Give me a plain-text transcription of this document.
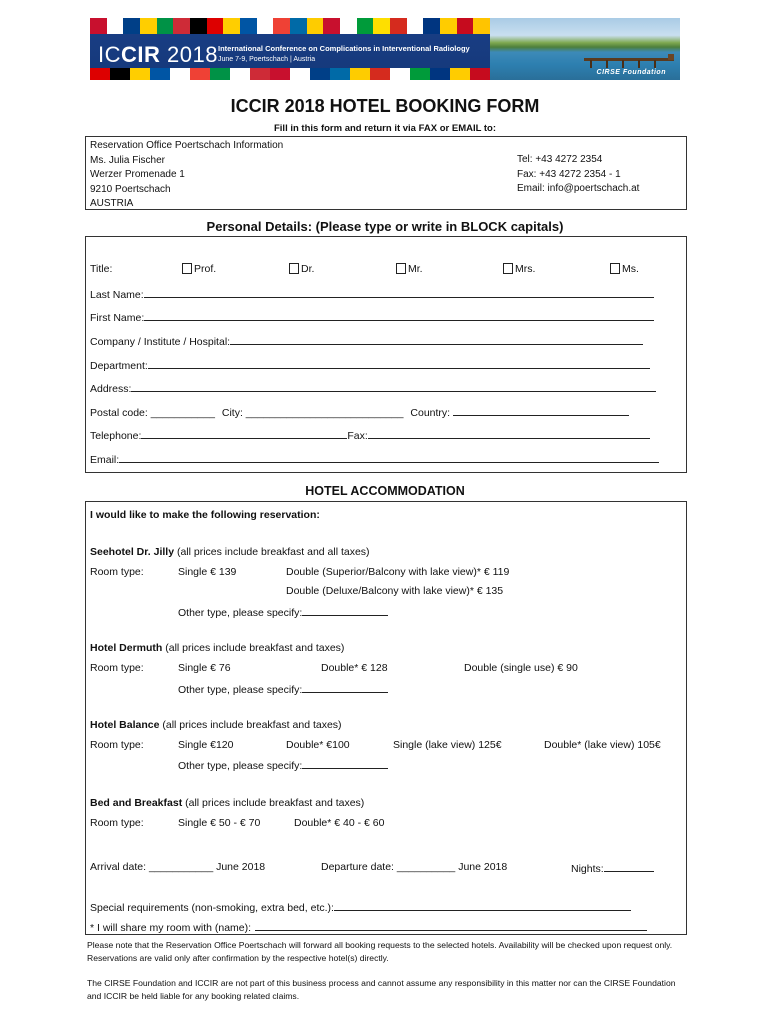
ICCIR 2018 International Conference on Complications in Interventional Radiology
June 7-9, Poertschach | Austria
CIRSE Foundation
ICCIR 2018 HOTEL BOOKING FORM
Fill in this form and return it via FAX or EMAIL to:
Reservation Office Poertschach Information
Ms. Julia Fischer
Werzer Promenade 1
9210 Poertschach
AUSTRIA
Tel: +43 4272 2354
Fax: +43 4272 2354 - 1
Email: info@poertschach.at
Personal Details: (Please type or write in BLOCK capitals)
Title:	Prof.	Dr.	Mr.	Mrs.	Ms.
Last Name:
First Name:
Company / Institute / Hospital:
Department:
Address:
Postal code: ___________ City: ___________________________ Country:
Telephone:	Fax:
Email:
HOTEL ACCOMMODATION
I would like to make the following reservation:
Seehotel Dr. Jilly (all prices include breakfast and all taxes)
Room type:	Single € 139	Double (Superior/Balcony with lake view)* € 119
Double (Deluxe/Balcony with lake view)* € 135
Other type, please specify:
Hotel Dermuth (all prices include breakfast and taxes)
Room type:	Single € 76	Double* € 128	Double (single use) € 90
Other type, please specify:
Hotel Balance (all prices include breakfast and taxes)
Room type:	Single €120	Double* €100	Single (lake view) 125€	Double* (lake view) 105€
Other type, please specify:
Bed and Breakfast (all prices include breakfast and taxes)
Room type:	Single € 50 - € 70	Double* € 40 - € 60
Arrival date: ___________ June 2018	Departure date: __________ June 2018	Nights:
Special requirements (non-smoking, extra bed, etc.):
* I will share my room with (name):
Please note that the Reservation Office Poertschach will forward all booking requests to the selected hotels. Availability will be checked upon request only. Reservations are valid only after confirmation by the respective hotel(s) directly.
The CIRSE Foundation and ICCIR are not part of this business process and cannot assume any responsibility in this matter nor can the CIRSE Foundation and ICCIR be held liable for any booking related claims.
